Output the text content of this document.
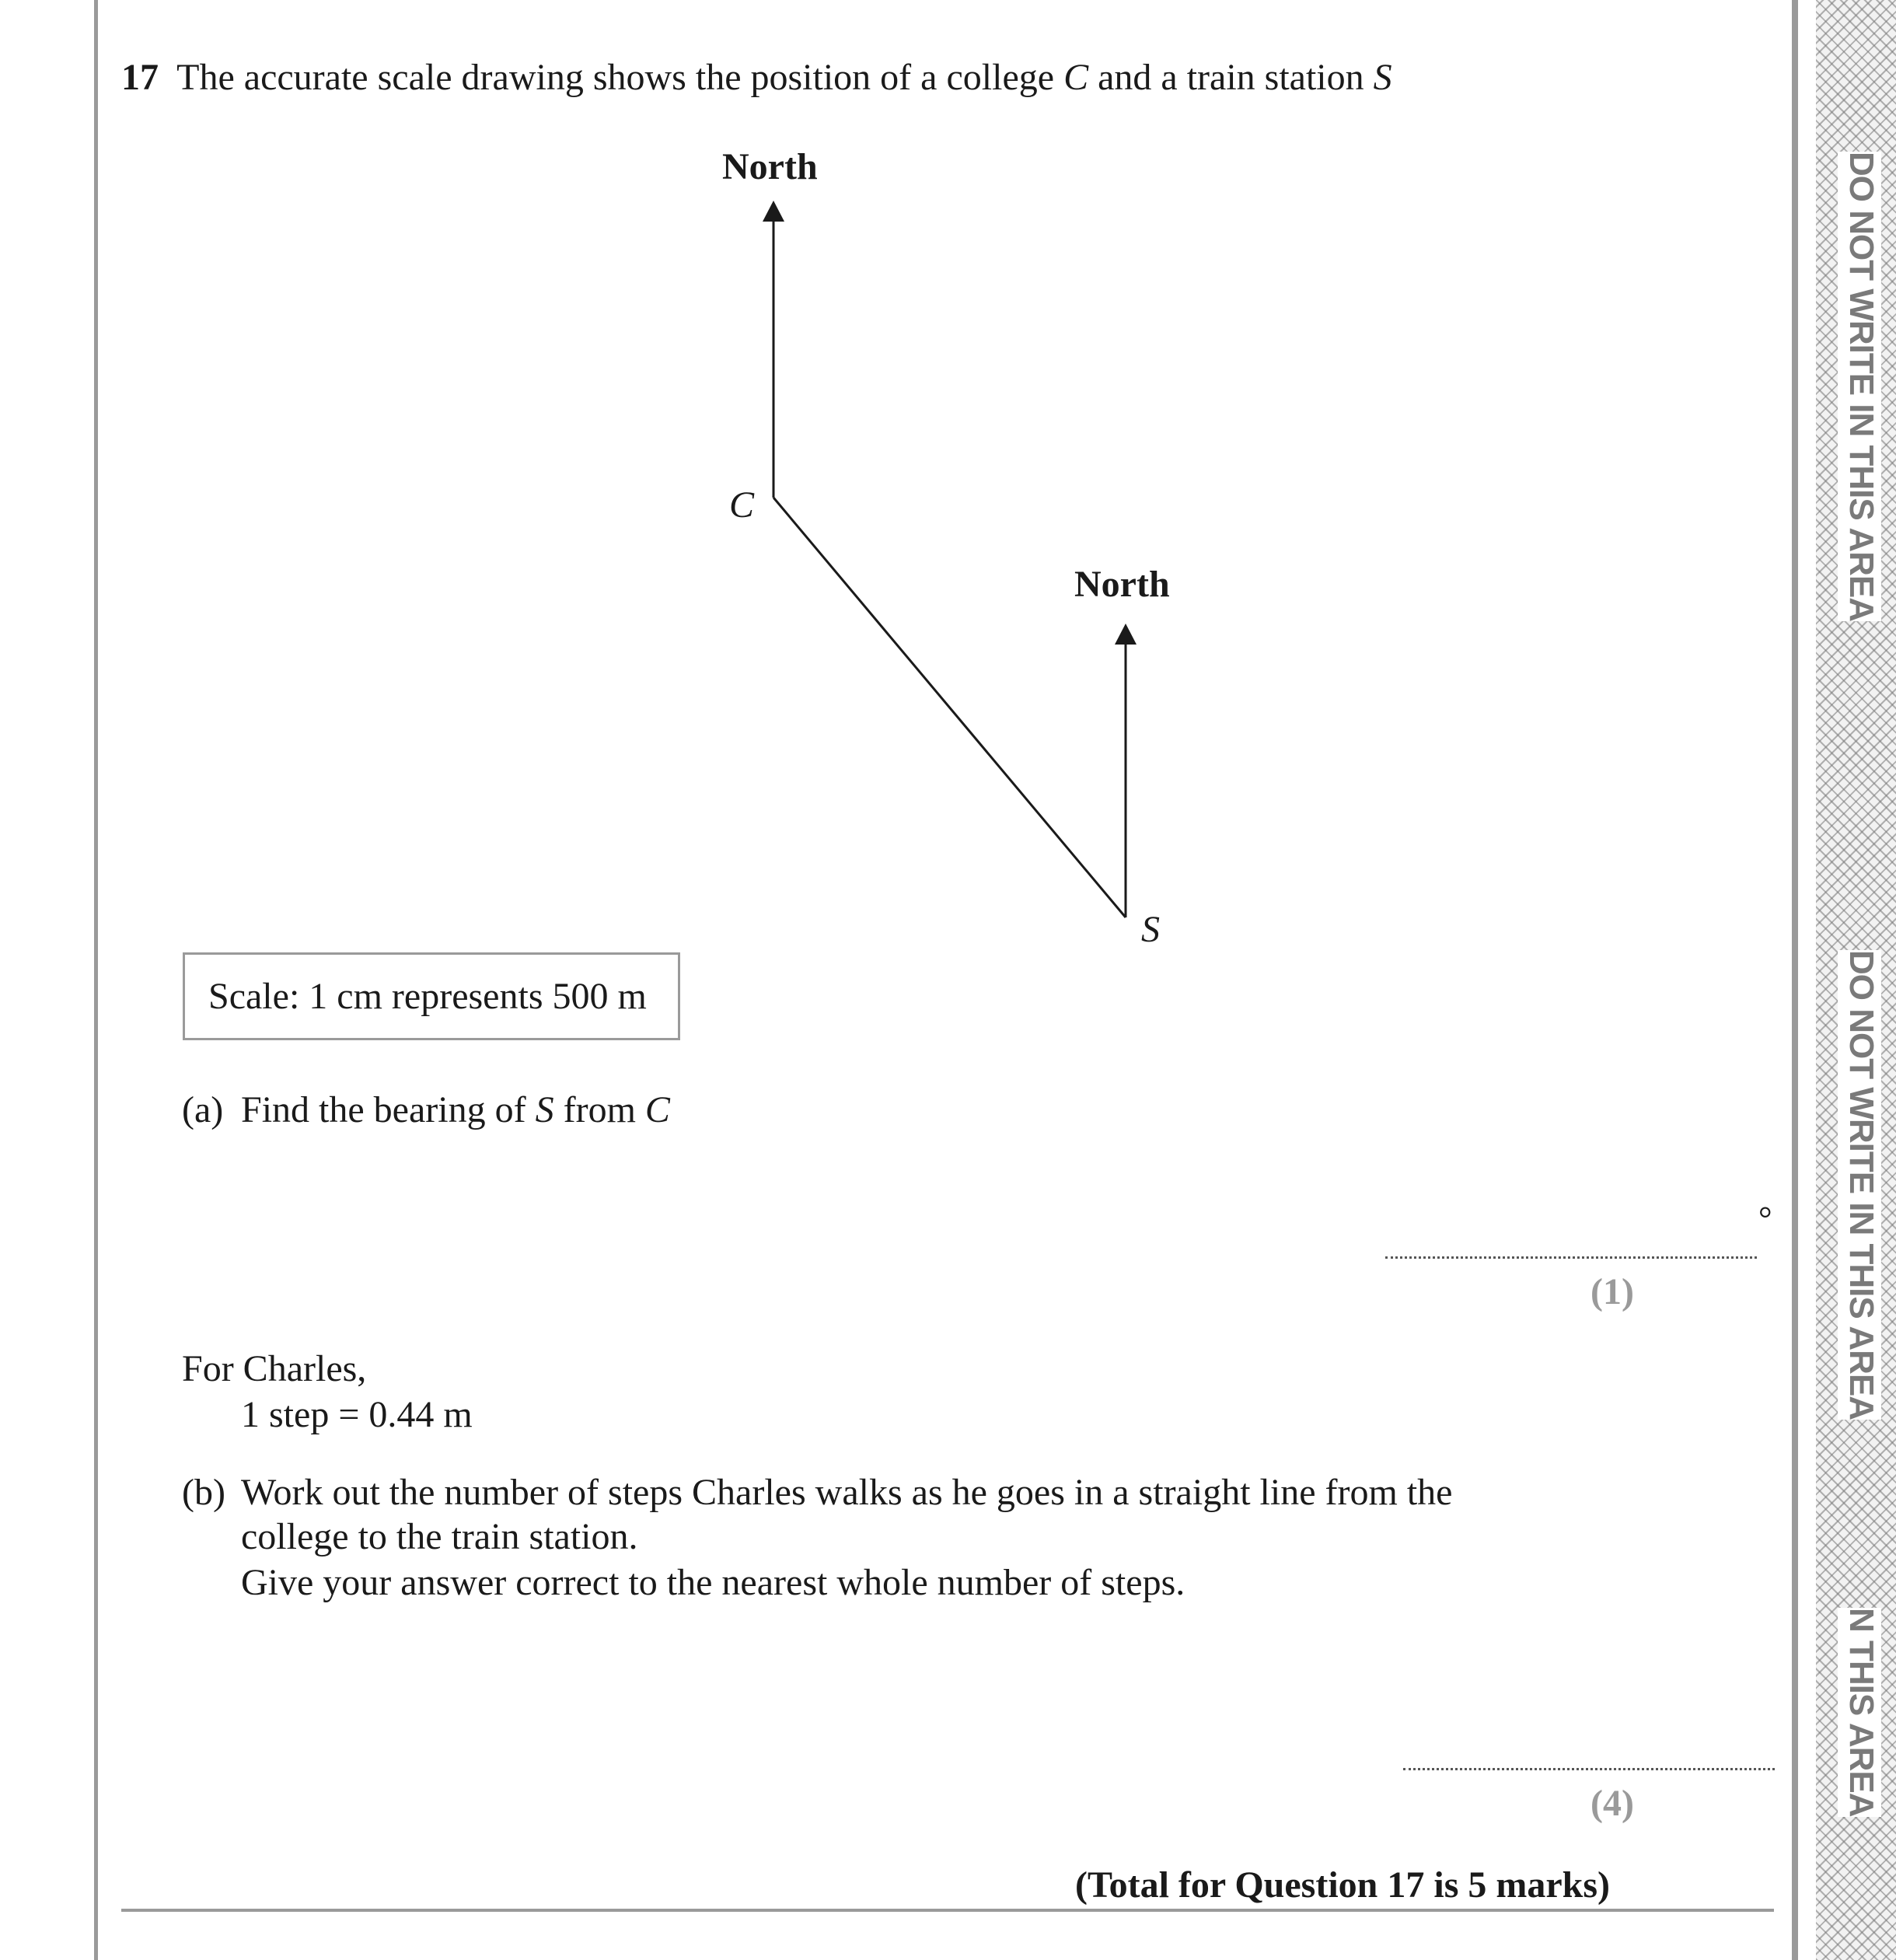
DO NOT WRITE IN THIS AREA
DO NOT WRITE IN THIS AREA
N THIS AREA
17 The accurate scale drawing shows the position of a college C and a train station S
North
North
C
S
Scale: 1 cm represents 500 m
(a) Find the bearing of S from C
°
(1)
For Charles,
1 step = 0.44 m
(b) Work out the number of steps Charles walks as he goes in a straight line from the
college to the train station.
Give your answer correct to the nearest whole number of steps.
(4)
(Total for Question 17 is 5 marks)
